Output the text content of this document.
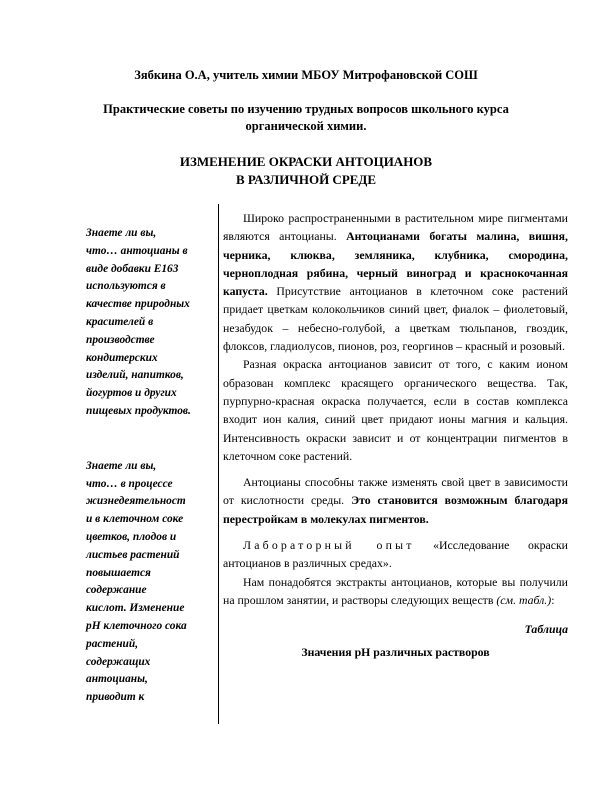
Зябкина О.А, учитель химии МБОУ Митрофановской СОШ
Практические советы по изучению трудных вопросов школьного курса органической химии.
ИЗМЕНЕНИЕ ОКРАСКИ АНТОЦИАНОВ
В РАЗЛИЧНОЙ СРЕДЕ
Знаете ли вы,
что… антоцианы в
виде добавки Е163
используются в
качестве природных
красителей в
производстве
кондитерских
изделий, напитков,
йогуртов и других
пищевых продуктов.
Знаете ли вы,
что… в процессе
жизнедеятельност
и в клеточном соке
цветков, плодов и
листьев растений
повышается
содержание
кислот. Изменение
pH клеточного сока
растений,
содержащих
антоцианы,
приводит к

Широко распространенными в растительном мире пигментами являются антоцианы. Антоцианами богаты малина, вишня, черника, клюква, земляника, клубника, смородина, черноплодная рябина, черный виноград и краснокочанная капуста. Присутствие антоцианов в клеточном соке растений придает цветкам колокольчиков синий цвет, фиалок – фиолетовый, незабудок – небесно-голубой, а цветкам тюльпанов, гвоздик, флоксов, гладиолусов, пионов, роз, георгинов – красный и розовый.

Разная окраска антоцианов зависит от того, с каким ионом образован комплекс красящего органического вещества. Так, пурпурно-красная окраска получается, если в состав комплекса входит ион калия, синий цвет придают ионы магния и кальция. Интенсивность окраски зависит и от концентрации пигментов в клеточном соке растений.

Антоцианы способны также изменять свой цвет в зависимости от кислотности среды. Это становится возможным благодаря перестройкам в молекулах пигментов.

Лабораторный опыт «Исследование окраски антоцианов в различных средах».

Нам понадобятся экстракты антоцианов, которые вы получили на прошлом занятии, и растворы следующих веществ (см. табл.):

Таблица
Значения pH различных растворов
